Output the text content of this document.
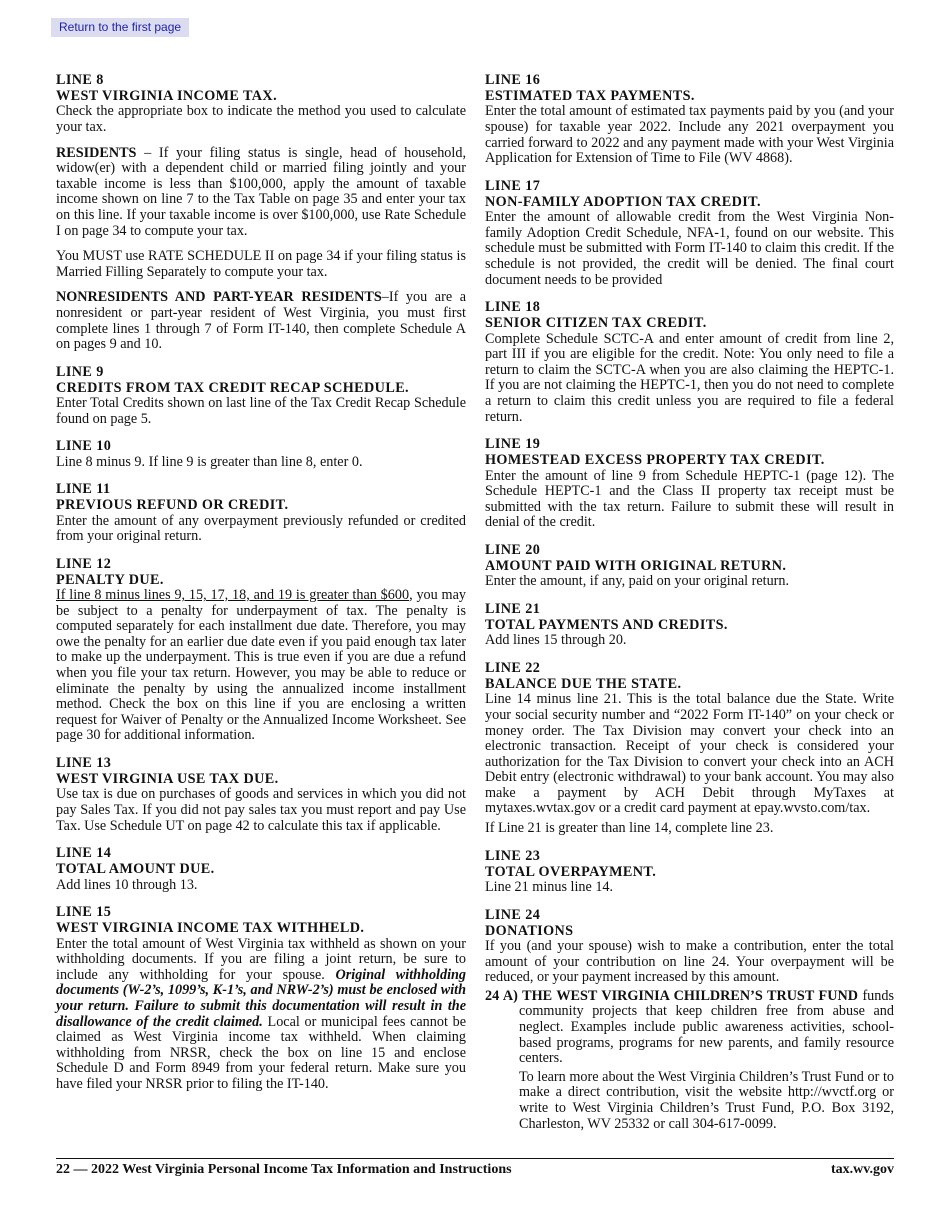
Return to the first page
LINE 8
WEST VIRGINIA INCOME TAX.

Check the appropriate box to indicate the method you used to calculate your tax.

RESIDENTS – If your filing status is single, head of household, widow(er) with a dependent child or married filing jointly and your taxable income is less than $100,000, apply the amount of taxable income shown on line 7 to the Tax Table on page 35 and enter your tax on this line. If your taxable income is over $100,000, use Rate Schedule I on page 34 to compute your tax.

You MUST use RATE SCHEDULE II on page 34 if your filing status is Married Filling Separately to compute your tax.

NONRESIDENTS AND PART-YEAR RESIDENTS–If you are a nonresident or part-year resident of West Virginia, you must first complete lines 1 through 7 of Form IT-140, then complete Schedule A on pages 9 and 10.

LINE 9
CREDITS FROM TAX CREDIT RECAP SCHEDULE.

Enter Total Credits shown on last line of the Tax Credit Recap Schedule found on page 5.

LINE 10

Line 8 minus 9. If line 9 is greater than line 8, enter 0.

LINE 11
PREVIOUS REFUND OR CREDIT.

Enter the amount of any overpayment previously refunded or credited from your original return.

LINE 12
PENALTY DUE.

If line 8 minus lines 9, 15, 17, 18, and 19 is greater than $600, you may be subject to a penalty for underpayment of tax. The penalty is computed separately for each installment due date. Therefore, you may owe the penalty for an earlier due date even if you paid enough tax later to make up the underpayment. This is true even if you are due a refund when you file your tax return. However, you may be able to reduce or eliminate the penalty by using the annualized income installment method. Check the box on this line if you are enclosing a written request for Waiver of Penalty or the Annualized Income Worksheet. See page 30 for additional information.

LINE 13
WEST VIRGINIA USE TAX DUE.

Use tax is due on purchases of goods and services in which you did not pay Sales Tax. If you did not pay sales tax you must report and pay Use Tax. Use Schedule UT on page 42 to calculate this tax if applicable.

LINE 14
TOTAL AMOUNT DUE.

Add lines 10 through 13.

LINE 15
WEST VIRGINIA INCOME TAX WITHHELD.

Enter the total amount of West Virginia tax withheld as shown on your withholding documents. If you are filing a joint return, be sure to include any withholding for your spouse. Original withholding documents (W-2’s, 1099’s, K-1’s, and NRW-2’s) must be enclosed with your return. Failure to submit this documentation will result in the disallowance of the credit claimed. Local or municipal fees cannot be claimed as West Virginia income tax withheld. When claiming withholding from NRSR, check the box on line 15 and enclose Schedule D and Form 8949 from your federal return. Make sure you have filed your NRSR prior to filing the IT-140.

LINE 16
ESTIMATED TAX PAYMENTS.

Enter the total amount of estimated tax payments paid by you (and your spouse) for taxable year 2022. Include any 2021 overpayment you carried forward to 2022 and any payment made with your West Virginia Application for Extension of Time to File (WV 4868).

LINE 17
NON-FAMILY ADOPTION TAX CREDIT.

Enter the amount of allowable credit from the West Virginia Non-family Adoption Credit Schedule, NFA-1, found on our website. This schedule must be submitted with Form IT-140 to claim this credit. If the schedule is not provided, the credit will be denied. The final court document needs to be provided

LINE 18
SENIOR CITIZEN TAX CREDIT.

Complete Schedule SCTC-A and enter amount of credit from line 2, part III if you are eligible for the credit. Note: You only need to file a return to claim the SCTC-A when you are also claiming the HEPTC-1. If you are not claiming the HEPTC-1, then you do not need to complete a return to claim this credit unless you are required to file a federal return.

LINE 19
HOMESTEAD EXCESS PROPERTY TAX CREDIT.

Enter the amount of line 9 from Schedule HEPTC-1 (page 12). The Schedule HEPTC-1 and the Class II property tax receipt must be submitted with the tax return. Failure to submit these will result in denial of the credit.

LINE 20
AMOUNT PAID WITH ORIGINAL RETURN.

Enter the amount, if any, paid on your original return.

LINE 21
TOTAL PAYMENTS AND CREDITS.

Add lines 15 through 20.

LINE 22
BALANCE DUE THE STATE.

Line 14 minus line 21. This is the total balance due the State. Write your social security number and “2022 Form IT-140” on your check or money order. The Tax Division may convert your check into an electronic transaction. Receipt of your check is considered your authorization for the Tax Division to convert your check into an ACH Debit entry (electronic withdrawal) to your bank account. You may also make a payment by ACH Debit through MyTaxes at mytaxes.wvtax.gov or a credit card payment at epay.wvsto.com/tax.

If Line 21 is greater than line 14, complete line 23.

LINE 23
TOTAL OVERPAYMENT.

Line 21 minus line 14.

LINE 24
DONATIONS

If you (and your spouse) wish to make a contribution, enter the total amount of your contribution on line 24. Your overpayment will be reduced, or your payment increased by this amount.

24 A) THE WEST VIRGINIA CHILDREN’S TRUST FUND funds community projects that keep children free from abuse and neglect. Examples include public awareness activities, school-based programs, programs for new parents, and family resource centers.
To learn more about the West Virginia Children’s Trust Fund or to make a direct contribution, visit the website http://wvctf.org or write to West Virginia Children’s Trust Fund, P.O. Box 3192, Charleston, WV 25332 or call 304-617-0099.
22 — 2022 West Virginia Personal Income Tax Information and Instructions	tax.wv.gov
